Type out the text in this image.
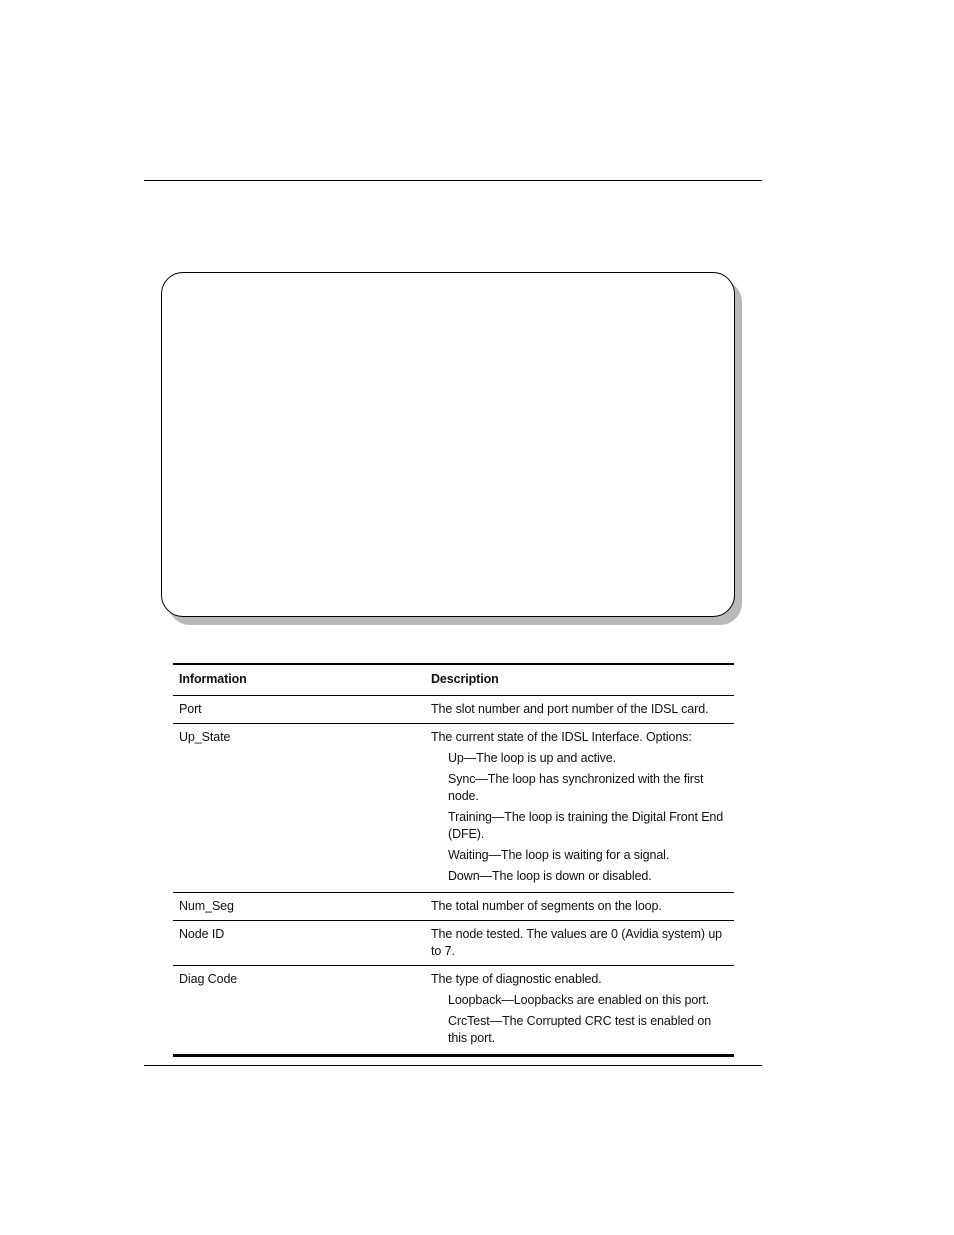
Information	Description
Port	The slot number and port number of the IDSL card.
Up_State	The current state of the IDSL Interface. Options:
Up—The loop is up and active.
Sync—The loop has synchronized with the first node.
Training—The loop is training the Digital Front End (DFE).
Waiting—The loop is waiting for a signal.
Down—The loop is down or disabled.
Num_Seg	The total number of segments on the loop.
Node ID	The node tested. The values are 0 (Avidia system) up to 7.
Diag Code	The type of diagnostic enabled.
Loopback—Loopbacks are enabled on this port.
CrcTest—The Corrupted CRC test is enabled on this port.
